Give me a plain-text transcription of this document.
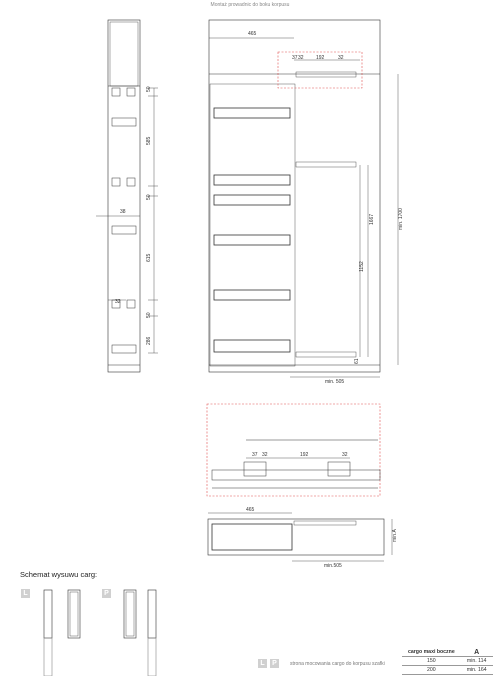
Montaż prowadnic do boku korpusu
50
585
50
38
615
32
50
286
465
37 32 192	32
1667
1152
min. 1700
61
min. 505
37 32	192	32
465
min.A
min.505
Schemat wysuwu carg:
L	P
L	P	strona mocowania cargo do korpusu szafki
cargo maxi boczne	A
150	min. 114
200	min. 164
